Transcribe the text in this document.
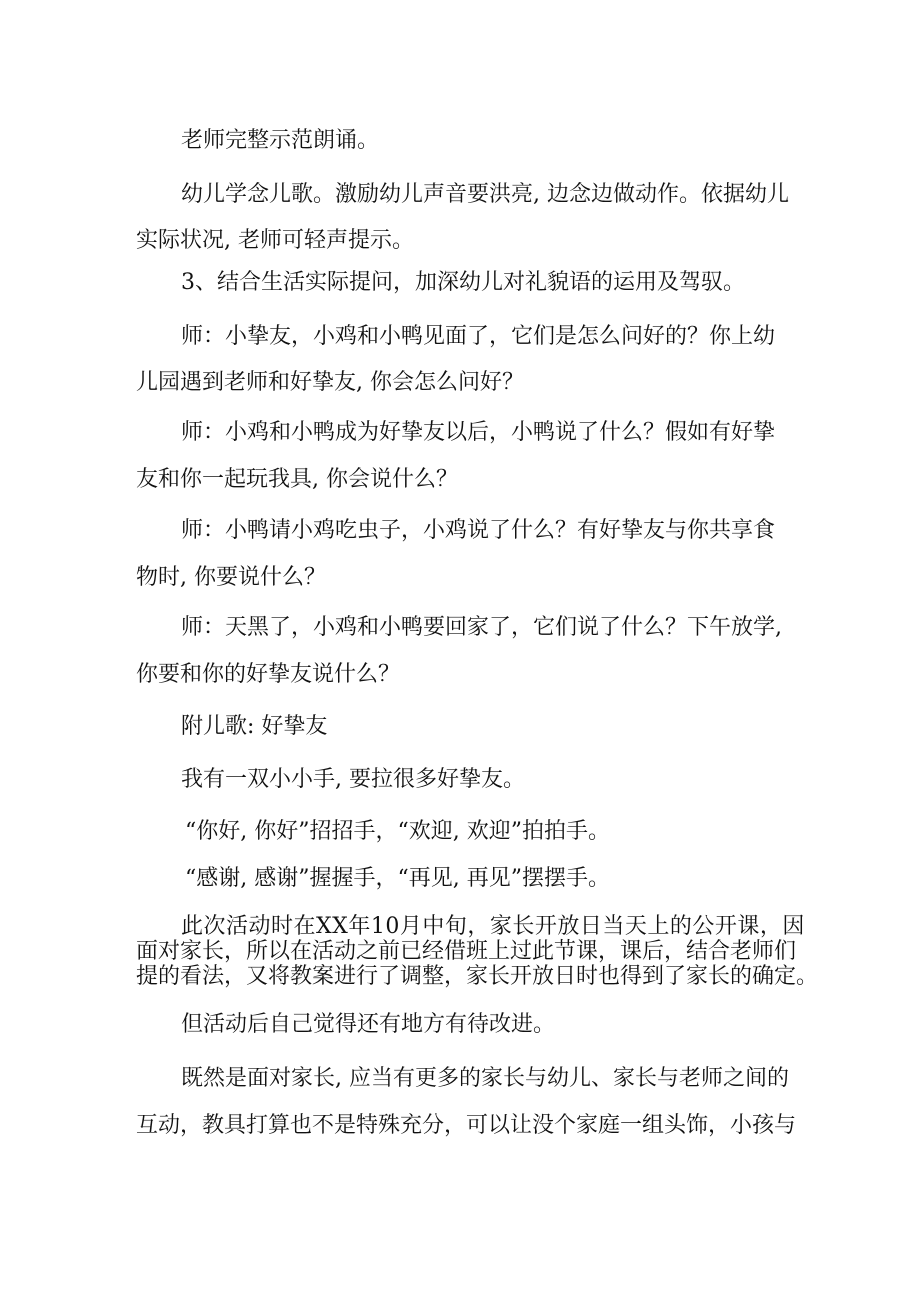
老师完整示范朗诵。

幼儿学念儿歌。激励幼儿声音要洪亮, 边念边做动作。依据幼儿

实际状况, 老师可轻声提示。

3、结合生活实际提问，加深幼儿对礼貌语的运用及驾驭。

师：小挚友，小鸡和小鸭见面了，它们是怎么问好的？你上幼

儿园遇到老师和好挚友, 你会怎么问好？

师：小鸡和小鸭成为好挚友以后，小鸭说了什么？假如有好挚

友和你一起玩我具, 你会说什么？

师：小鸭请小鸡吃虫子，小鸡说了什么？有好挚友与你共享食

物时, 你要说什么？

师：天黑了，小鸡和小鸭要回家了，它们说了什么？下午放学,

你要和你的好挚友说什么？

附儿歌: 好挚友

我有一双小小手, 要拉很多好挚友。

“你好, 你好”招招手，“欢迎, 欢迎”拍拍手。

“感谢, 感谢”握握手，“再见, 再见”摆摆手。

此次活动时在XX年10月中旬，家长开放日当天上的公开课，因

面对家长，所以在活动之前已经借班上过此节课，课后，结合老师们

提的看法，又将教案进行了调整，家长开放日时也得到了家长的确定。

但活动后自己觉得还有地方有待改进。

既然是面对家长, 应当有更多的家长与幼儿、家长与老师之间的

互动，教具打算也不是特殊充分，可以让没个家庭一组头饰，小孩与
